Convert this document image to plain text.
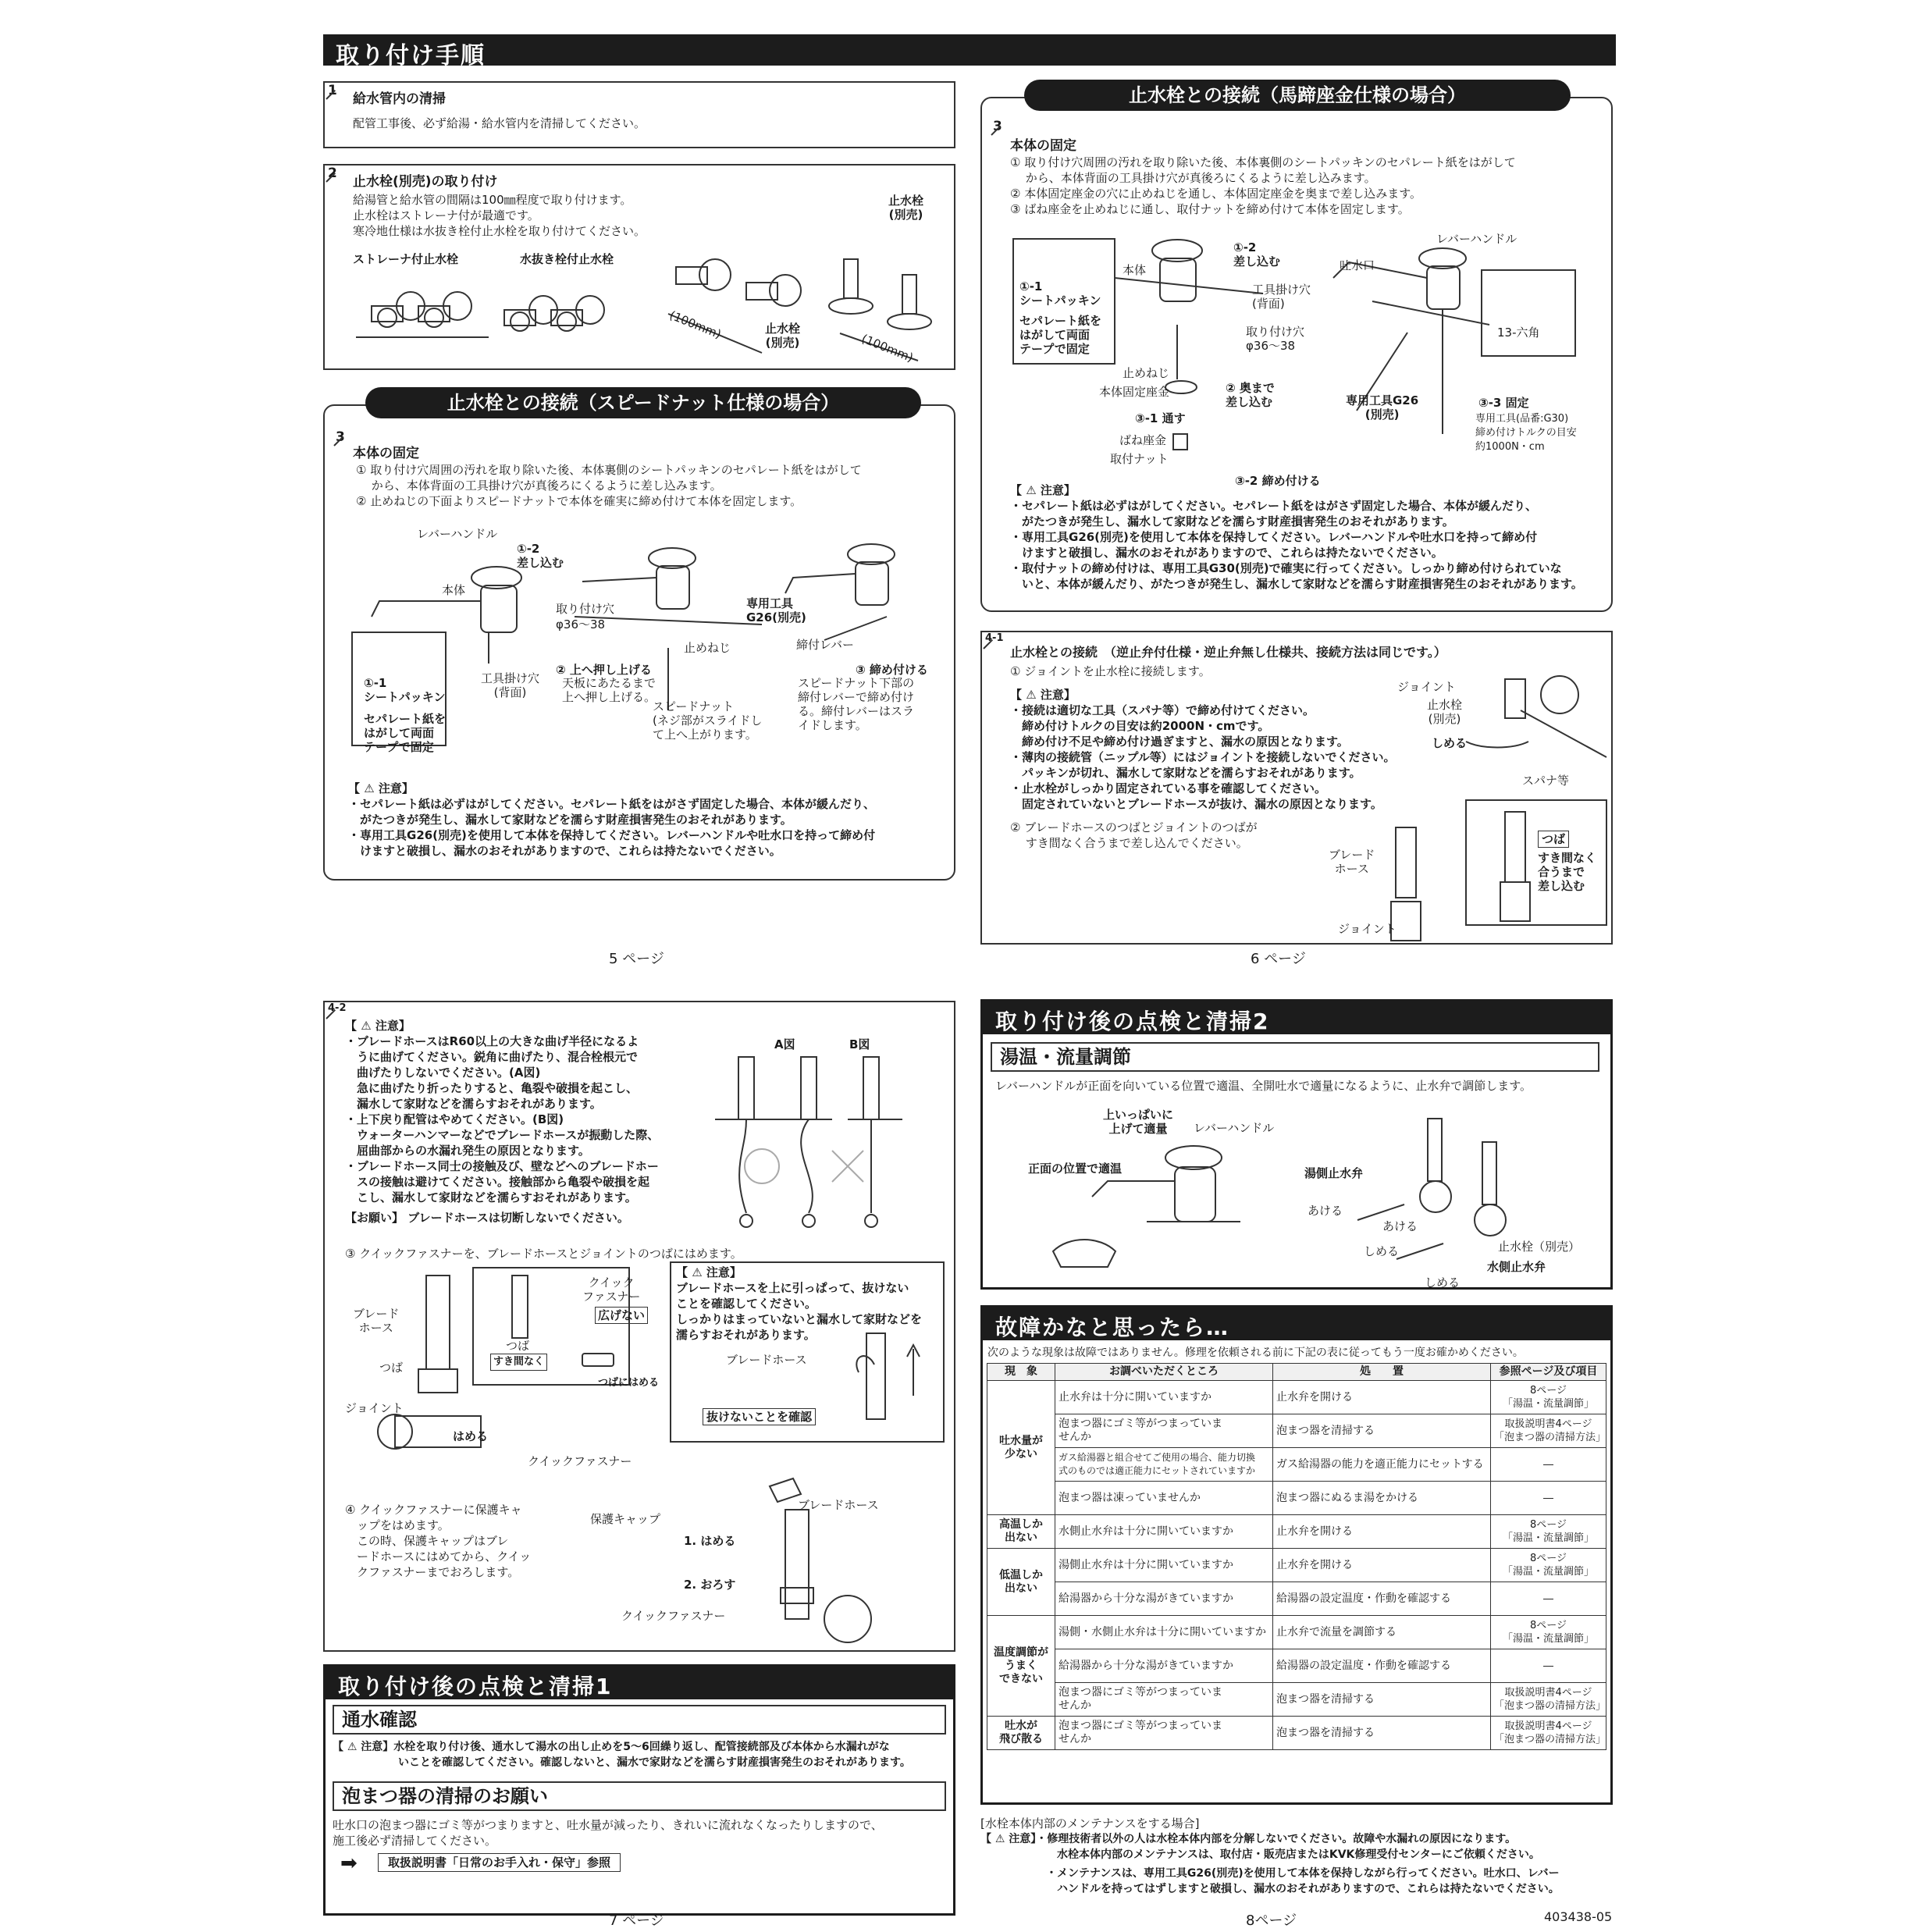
取り付け手順
1
給水管内の清掃
配管工事後、必ず給湯・給水管内を清掃してください。
2
止水栓(別売)の取り付け
給湯管と給水管の間隔は100㎜程度で取り付けます。
止水栓はストレーナ付が最適です。
寒冷地仕様は水抜き栓付止水栓を取り付けてください。
ストレーナ付止水栓	水抜き栓付止水栓
(100mm)	止水栓
(別売)
止水栓
(別売)
(100mm)
3
本体の固定
① 取り付け穴周囲の汚れを取り除いた後、本体裏側のシートパッキンのセパレート紙をはがして
　 から、本体背面の工具掛け穴が真後ろにくるように差し込みます。
② 止めねじの下面よりスピードナットで本体を確実に締め付けて本体を固定します。
レバーハンドル
①-2
差し込む
本体
取り付け穴
φ36〜38
止めねじ
専用工具
G26(別売)
締付レバー
①-1
シートパッキン
セパレート紙を
はがして両面
テープで固定
工具掛け穴
(背面)
② 上へ押し上げる
天板にあたるまで
上へ押し上げる。
スピードナット
(ネジ部がスライドし
て上へ上がります。
③ 締め付ける
スピードナット下部の
締付レバーで締め付け
る。締付レバーはスラ
イドします。
【 ⚠ 注意】
・セパレート紙は必ずはがしてください。セパレート紙をはがさず固定した場合、本体が緩んだり、
　がたつきが発生し、漏水して家財などを濡らす財産損害発生のおそれがあります。
・専用工具G26(別売)を使用して本体を保持してください。レバーハンドルや吐水口を持って締め付
　けますと破損し、漏水のおそれがありますので、これらは持たないでください。
止水栓との接続（スピードナット仕様の場合）
5 ページ
3
本体の固定
① 取り付け穴周囲の汚れを取り除いた後、本体裏側のシートパッキンのセパレート紙をはがして
　 から、本体背面の工具掛け穴が真後ろにくるように差し込みます。
② 本体固定座金の穴に止めねじを通し、本体固定座金を奥まで差し込みます。
③ ばね座金を止めねじに通し、取付ナットを締め付けて本体を固定します。
①-2
差し込む
本体
工具掛け穴
(背面)
取り付け穴
φ36〜38
①-1
シートパッキン
セパレート紙を
はがして両面
テープで固定
止めねじ
本体固定座金	② 奥まで
差し込む
③-1 通す
ばね座金
取付ナット
③-2 締め付ける
レバーハンドル
吐水口
13-六角
専用工具G26
(別売)
③-3 固定
専用工具(品番:G30)
締め付けトルクの目安
約1000N・cm
【 ⚠ 注意】
・セパレート紙は必ずはがしてください。セパレート紙をはがさず固定した場合、本体が緩んだり、
　がたつきが発生し、漏水して家財などを濡らす財産損害発生のおそれがあります。
・専用工具G26(別売)を使用して本体を保持してください。レバーハンドルや吐水口を持って締め付
　けますと破損し、漏水のおそれがありますので、これらは持たないでください。
・取付ナットの締め付けは、専用工具G30(別売)で確実に行ってください。しっかり締め付けられていな
　いと、本体が緩んだり、がたつきが発生し、漏水して家財などを濡らす財産損害発生のおそれがあります。
止水栓との接続（馬蹄座金仕様の場合）
4-1
止水栓との接続　（逆止弁付仕様・逆止弁無し仕様共、接続方法は同じです。）
① ジョイントを止水栓に接続します。
【 ⚠ 注意】
・接続は適切な工具（スパナ等）で締め付けてください。
　締め付けトルクの目安は約2000N・cmです。
　締め付け不足や締め付け過ぎますと、漏水の原因となります。
・薄肉の接続管（ニップル等）にはジョイントを接続しないでください。
　パッキンが切れ、漏水して家財などを濡らすおそれがあります。
・止水栓がしっかり固定されている事を確認してください。
　固定されていないとブレードホースが抜け、漏水の原因となります。
② ブレードホースのつばとジョイントのつばが
　 すき間なく合うまで差し込んでください。
ジョイント
止水栓
(別売)
しめる
スパナ等
ブレード
ホース
ジョイント
つば
すき間なく
合うまで
差し込む
6 ページ
4-2
【 ⚠ 注意】
・ブレードホースはR60以上の大きな曲げ半径になるよ
　うに曲げてください。鋭角に曲げたり、混合栓根元で
　曲げたりしないでください。(A図)
　急に曲げたり折ったりすると、亀裂や破損を起こし、
　漏水して家財などを濡らすおそれがあります。
・上下戻り配管はやめてください。(B図)
　ウォーターハンマーなどでブレードホースが振動した際、
　屈曲部からの水漏れ発生の原因となります。
・ブレードホース同士の接触及び、壁などへのブレードホー
　スの接触は避けてください。接触部から亀裂や破損を起
　こし、漏水して家財などを濡らすおそれがあります。
【お願い】 ブレードホースは切断しないでください。
A図	B図
③ クイックファスナーを、ブレードホースとジョイントのつばにはめます。
ブレード
ホース
つば
ジョイント
はめる
クイックファスナー
クイック
ファスナー
広げない
つば
すき間なく
つばにはめる
【 ⚠ 注意】
ブレードホースを上に引っぱって、抜けない
ことを確認してください。
しっかりはまっていないと漏水して家財などを
濡らすおそれがあります。
ブレードホース
抜けないことを確認
④ クイックファスナーに保護キャ
　ップをはめます。
　この時、保護キャップはブレ
　ードホースにはめてから、クイッ
　クファスナーまでおろします。
保護キャップ
ブレードホース
1. はめる
2. おろす
クイックファスナー
取り付け後の点検と清掃1
通水確認
【 ⚠ 注意】水栓を取り付け後、通水して湯水の出し止めを5〜6回繰り返し、配管接続部及び本体から水漏れがな
　　　　　　いことを確認してください。確認しないと、漏水で家財などを濡らす財産損害発生のおそれがあります。
泡まつ器の清掃のお願い
吐水口の泡まつ器にゴミ等がつまりますと、吐水量が減ったり、きれいに流れなくなったりしますので、
施工後必ず清掃してください。
➡	取扱説明書「日常のお手入れ・保守」参照
7 ページ
取り付け後の点検と清掃2
湯温・流量調節
レバーハンドルが正面を向いている位置で適温、全開吐水で適量になるように、止水弁で調節します。
上いっぱいに
上げて適量	レバーハンドル
正面の位置で適温	湯側止水弁
あける
しめる
あける
しめる
止水栓（別売）
水側止水弁
故障かなと思ったら…
次のような現象は故障ではありません。修理を依頼される前に下記の表に従ってもう一度お確かめください。
現　象	お調べいただくところ	処　　置	参照ページ及び項目
吐水量が
少ない	止水弁は十分に開いていますか	止水弁を開ける	8ページ
「湯温・流量調節」
	泡まつ器にゴミ等がつまっていま
せんか	泡まつ器を清掃する	取扱説明書4ページ
「泡まつ器の清掃方法」
	ガス給湯器と組合せてご使用の場合、能力切換
式のものでは適正能力にセットされていますか	ガス給湯器の能力を適正能力にセットする	―
	泡まつ器は凍っていませんか	泡まつ器にぬるま湯をかける	―
高温しか
出ない	水側止水弁は十分に開いていますか	止水弁を開ける	8ページ
「湯温・流量調節」
低温しか
出ない	湯側止水弁は十分に開いていますか	止水弁を開ける	8ページ
「湯温・流量調節」
	給湯器から十分な湯がきていますか	給湯器の設定温度・作動を確認する	―
温度調節が
うまく
できない	湯側・水側止水弁は十分に開いていますか	止水弁で流量を調節する	8ページ
「湯温・流量調節」
	給湯器から十分な湯がきていますか	給湯器の設定温度・作動を確認する	―
	泡まつ器にゴミ等がつまっていま
せんか	泡まつ器を清掃する	取扱説明書4ページ
「泡まつ器の清掃方法」
吐水が
飛び散る	泡まつ器にゴミ等がつまっていま
せんか	泡まつ器を清掃する	取扱説明書4ページ
「泡まつ器の清掃方法」
[水栓本体内部のメンテナンスをする場合]
【 ⚠ 注意】・修理技術者以外の人は水栓本体内部を分解しないでください。故障や水漏れの原因になります。
　　　　　　　水栓本体内部のメンテナンスは、取付店・販売店またはKVK修理受付センターにご依頼ください。
　　　　　　・メンテナンスは、専用工具G26(別売)を使用して本体を保持しながら行ってください。吐水口、レバー
　　　　　　　ハンドルを持ってはずしますと破損し、漏水のおそれがありますので、これらは持たないでください。
8ページ	403438-05
